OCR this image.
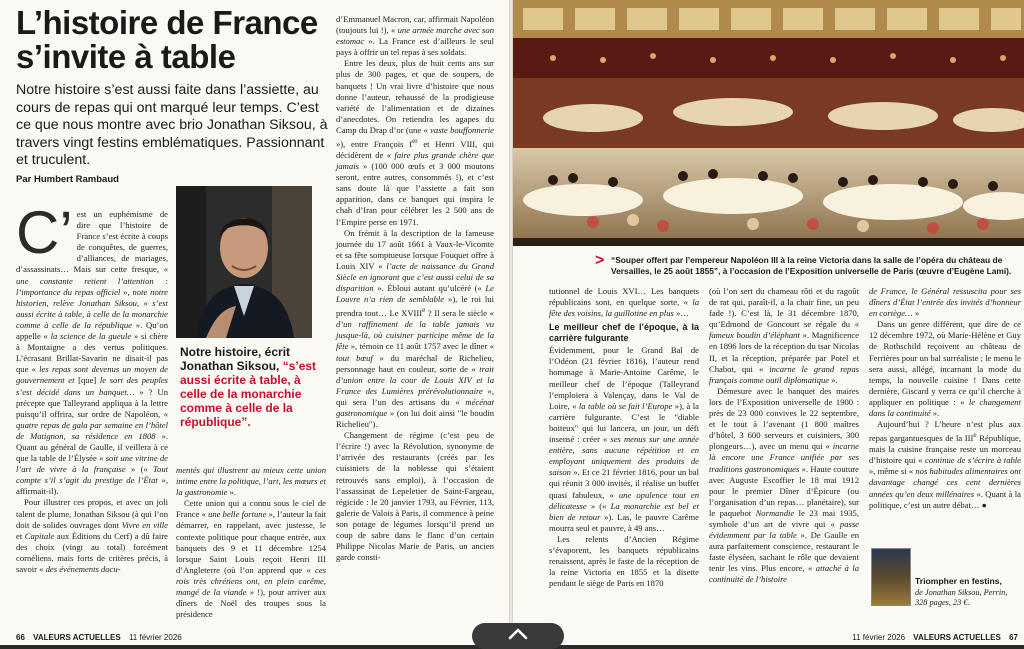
L’histoire de France s’invite à table

Notre histoire s’est aussi faite dans l’assiette, au cours de repas qui ont marqué leur temps. C’est ce que nous montre avec brio Jonathan Siksou, à travers vingt festins emblématiques. Passionnant et truculent.

Par Humbert Rambaud

C’ est un euphémisme de dire que l’histoire de France s’est écrite à coups de conquêtes, de guerres, d’alliances, de mariages, d’assassinats… Mais sur cette fresque, « une constante retient l’attention : l’importance du repas officiel », note notre historien, relève Jonathan Siksou, « s’est aussi écrite à table, à celle de la monarchie comme à celle de la république ». Qu’on appelle « la science de la gueule » si chère à Montaigne a des vertus politiques. L’écrasant Brillat-Savarin ne disait-il pas que « les repas sont devenus un moyen de gouvernement et [que] le sort des peuples s’est décidé dans un banquet… » ? Un précepte que Talleyrand appliqua à la lettre puisqu’il offrira, sur ordre de Napoléon, « quatre repas de gala par semaine en l’hôtel de Matignon, sa résidence en 1808 ». Quant au général de Gaulle, il veillera à ce que la table de l’Élysée « soit une vitrine de l’art de vivre à la française » (« Tout compte s’il s’agit du prestige de l’État », affirmait-il).

Pour illustrer ces propos, et avec un joli talent de plume, Jonathan Siksou (à qui l’on doit de solides ouvrages dont Vivre en ville et Capitale aux Éditions du Cerf) a dû faire des choix (vingt au total) forcément cornéliens, mais forts de critères précis, à savoir « des événements docu-

Notre histoire, écrit Jonathan Siksou, “s’est aussi écrite à table, à celle de la monarchie comme à celle de la république”.

mentés qui illustrent au mieux cette union intime entre la politique, l’art, les mœurs et la gastronomie ».

Cette union qui a connu sous le ciel de France « une belle fortune », l’auteur la fait démarrer, en rappelant, avec justesse, le contexte politique pour chaque entrée, aux banquets des 9 et 11 décembre 1254 lorsque Saint Louis reçoit Henri III d’Angleterre (où l’on apprend que « ces rois très chrétiens ont, en plein carême, mangé de la viande » !), pour arriver aux dîners de Noël des troupes sous la présidence

d’Emmanuel Macron, car, affirmait Napoléon (toujours lui !), « une armée marche avec son estomac ». La France est d’ailleurs le seul pays à offrir un tel repas à ses soldats.

Entre les deux, plus de huit cents ans sur plus de 300 pages, et que de soupers, de banquets ! Un vrai livre d’histoire que nous donne l’auteur, rehaussé de la prodigieuse variété de l’alimentation et de dizaines d’anecdotes. On retiendra les agapes du Camp du Drap d’or (une « vaste bouffonnerie »), entre François Ier et Henri VIII, qui décidèrent de « faire plus grande chère que jamais » (100 000 œufs et 3 000 moutons seront, entre autres, consommés !), et c’est sans doute là que l’assiette a fait son apparition, dans ce banquet qui inspira le chah d’Iran pour célébrer les 2 500 ans de l’Empire perse en 1971.

On frémit à la description de la fameuse journée du 17 août 1661 à Vaux-le-Vicomte et sa fête somptueuse lorsque Fouquet offre à Louis XIV « l’acte de naissance du Grand Siècle en ignorant que c’est aussi celui de sa disparition ». Ébloui autant qu’ulcéré (« Le Louvre n’a rien de semblable »), le roi lui prendra tout… Le XVIIIe ? Il sera le siècle « d’un raffinement de la table jamais vu jusque-là, où cuisiner participe même de la fête », témoin ce 11 août 1757 avec le dîner « tout bœuf » du maréchal de Richelieu, personnage haut en couleur, sorte de « trait d’union entre la cour de Louis XIV et la France des Lumières prérévolutionnaire », qui sera l’un des artisans du « mécénat gastronomique » (on lui doit ainsi "le boudin Richelieu").

Changement de régime (c’est peu de l’écrire !) avec la Révolution, synonyme de l’arrivée des restaurants (créés par les cuisiniers de la noblesse qui s’étaient retrouvés sans emploi), à l’occasion de l’assassinat de Lepeletier de Saint-Fargeau, régicide : le 20 janvier 1793, au Février, 113, galerie de Valois à Paris, il commence à peine son potage de légumes lorsqu’il prend un coup de sabre dans le flanc d’un certain Philippe Nicolas Marie de Paris, un ancien garde consti-

66 VALEURS ACTUELLES 11 février 2026
> “Souper offert par l’empereur Napoléon III à la reine Victoria dans la salle de l’opéra du château de Versailles, le 25 août 1855”, à l’occasion de l’Exposition universelle de Paris (œuvre d’Eugène Lami).

tutionnel de Louis XVI… Les banquets républicains sont, en quelque sorte, « la fête des voisins, la guillotine en plus »…

Le meilleur chef de l’époque, à la carrière fulgurante

Évidemment, pour le Grand Bal de l’Odéon (21 février 1816), l’auteur rend hommage à Marie-Antoine Carême, le meilleur chef de l’époque (Talleyrand l’emploiera à Valençay, dans le Val de Loire, « la table où se fait l’Europe »), à la carrière fulgurante. C’est le "diable boiteux" qui lui lancera, un jour, un défi insensé : créer « ses menus sur une année entière, sans aucune répétition et en employant uniquement des produits de saison ». Et ce 21 février 1816, pour un bal qui réunit 3 000 invités, il réalise un buffet quasi fabuleux, « une opulence tout en délicatesse » (« La monarchie est bel et bien de retour »). Las, le pauvre Carême mourra seul et pauvre, à 49 ans…

Les relents d’Ancien Régime s’évaporent, les banquets républicains renaissent, après le faste de la réception de la reine Victoria en 1855 et la disette pendant le siège de Paris en 1870

(où l’on sert du chameau rôti et du ragoût de rat qui, paraît-il, a la chair fine, un peu fade !). C’est là, le 31 décembre 1870, qu’Edmond de Goncourt se régale du « fameux boudin d’éléphant ». Magnificence en 1896 lors de la réception du tsar Nicolas II, et la réception, préparée par Potel et Chabot, qui « incarne le grand repas français comme outil diplomatique ».

Démesure avec le banquet des maires lors de l’Exposition universelle de 1900 : près de 23 000 convives le 22 septembre, et le tout à l’avenant (1 800 maîtres d’hôtel, 3 600 serveurs et cuisiniers, 300 plongeurs…), avec un menu qui « incarne là encore une France unifiée par ses traditions gastronomiques ». Haute couture avec Auguste Escoffier le 18 mai 1912 pour le premier Dîner d’Épicure (ou l’organisation d’un repas… planétaire), sur le paquebot Normandie le 23 mai 1935, symbole d’un art de vivre qui « passe évidemment par la table ». De Gaulle en aura parfaitement conscience, restaurant le faste élyséen, sachant le rôle que devaient tenir les vins. Plus encore, « attaché à la continuité de l’histoire

de France, le Général ressuscita pour ses dîners d’État l’entrée des invités d’honneur en cortège… »

Dans un genre différent, que dire de ce 12 décembre 1972, où Marie-Hélène et Guy de Rothschild reçoivent au château de Ferrières pour un bal surréaliste ; le menu le sera aussi, allégé, incarnant la mode du temps, la nouvelle cuisine ! Dans cette dernière, Giscard y verra ce qu’il cherche à appliquer en politique : « le changement dans la continuité ».

Aujourd’hui ? L’heure n’est plus aux repas gargantuesques de la IIIe République, mais la cuisine française reste un morceau d’histoire qui « continue de s’écrire à table », même si « nos habitudes alimentaires ont davantage changé ces cent dernières années qu’en deux millénaires ». Quant à la politique, c’est un autre débat… ●

Triompher en festins,
de Jonathan Siksou, Perrin, 328 pages, 23 €.
11 février 2026 VALEURS ACTUELLES 67
